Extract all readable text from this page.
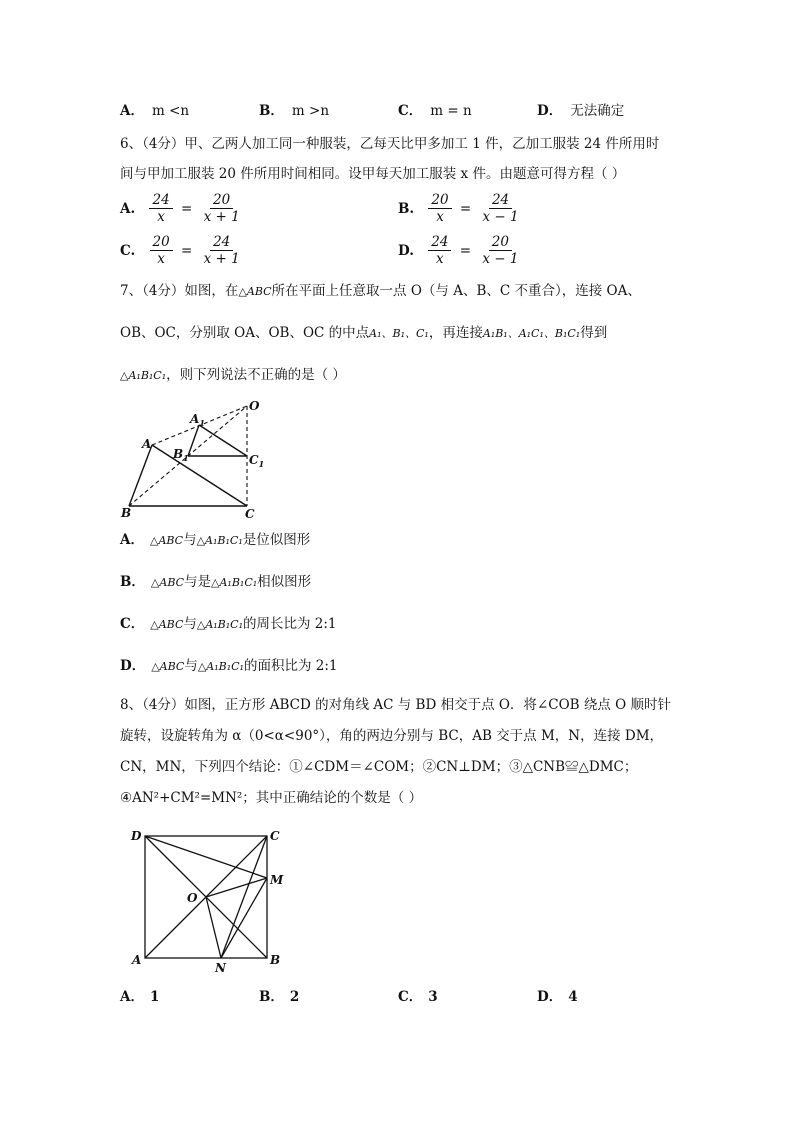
A． m <n	B． m >n	C． m = n	D． 无法确定
6、（4分）甲、乙两人加工同一种服装，乙每天比甲多加工 1 件，乙加工服装 24 件所用时
间与甲加工服装 20 件所用时间相同。设甲每天加工服装 x 件。由题意可得方程（ ）
A. $\frac{24}{x} = \frac{20}{x + 1}$	B. $\frac{20}{x} = \frac{24}{x - 1}$
C. $\frac{20}{x} = \frac{24}{x + 1}$	D. $\frac{24}{x} = \frac{20}{x - 1}$
7、（4分）如图，在△ABC所在平面上任意取一点 O（与 A、B、C 不重合），连接 OA、
OB、OC，分别取 OA、OB、OC 的中点A₁、B₁、C₁，再连接A₁B₁、A₁C₁、B₁C₁得到
△A₁B₁C₁，则下列说法不正确的是（ ）
A
$A_1$
O
$B_1$	$C_1$
B	C
A． △ABC与△A₁B₁C₁是位似图形
B． △ABC与是△A₁B₁C₁相似图形
C． △ABC与△A₁B₁C₁的周长比为 2:1
D． △ABC与△A₁B₁C₁的面积比为 2:1
8、（4分）如图，正方形 ABCD 的对角线 AC 与 BD 相交于点 O．将∠COB 绕点 O 顺时针
旋转，设旋转角为 α（0<α<90°），角的两边分别与 BC，AB 交于点 M，N，连接 DM，
CN，MN，下列四个结论：①∠CDM＝∠COM；②CN⊥DM；③△CNB≌△DMC；
④AN²+CM²=MN²；其中正确结论的个数是（ ）
D	C
M
O
A
N
B
A． 1	B． 2	C． 3	D． 4
